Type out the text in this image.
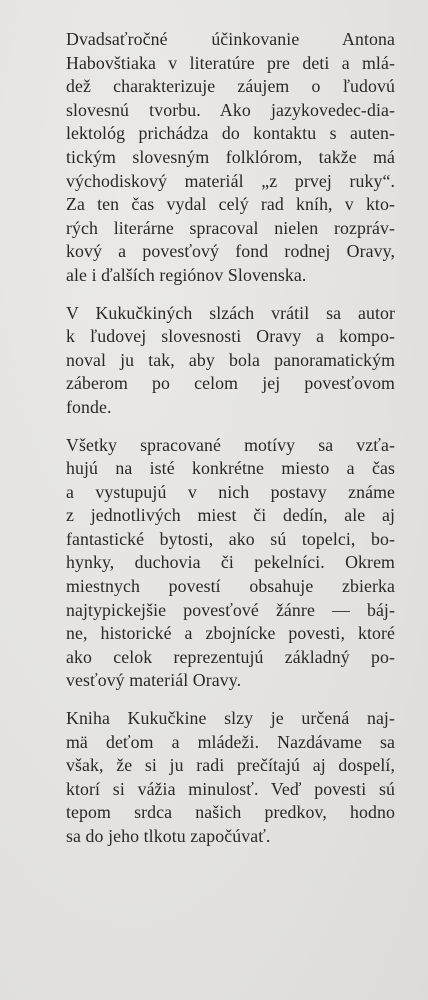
Dvadsaťročné účinkovanie Antona
Habovštiaka v literatúre pre deti a mlá-
dež charakterizuje záujem o ľudovú
slovesnú tvorbu. Ako jazykovedec-dia-
lektológ prichádza do kontaktu s auten-
tickým slovesným folklórom, takže má
východiskový materiál „z prvej ruky“.
Za ten čas vydal celý rad kníh, v kto-
rých literárne spracoval nielen rozpráv-
kový a povesťový fond rodnej Oravy,
ale i ďalších regiónov Slovenska.

V Kukučkiných slzách vrátil sa autor
k ľudovej slovesnosti Oravy a kompo-
noval ju tak, aby bola panoramatickým
záberom po celom jej povesťovom
fonde.

Všetky spracované motívy sa vzťa-
hujú na isté konkrétne miesto a čas
a vystupujú v nich postavy známe
z jednotlivých miest či dedín, ale aj
fantastické bytosti, ako sú topelci, bo-
hynky, duchovia či pekelníci. Okrem
miestnych povestí obsahuje zbierka
najtypickejšie povesťové žánre — báj-
ne, historické a zbojnícke povesti, ktoré
ako celok reprezentujú základný po-
vesťový materiál Oravy.

Kniha Kukučkine slzy je určená naj-
mä deťom a mládeži. Nazdávame sa
však, že si ju radi prečítajú aj dospelí,
ktorí si vážia minulosť. Veď povesti sú
tepom srdca našich predkov, hodno
sa do jeho tlkotu započúvať.
